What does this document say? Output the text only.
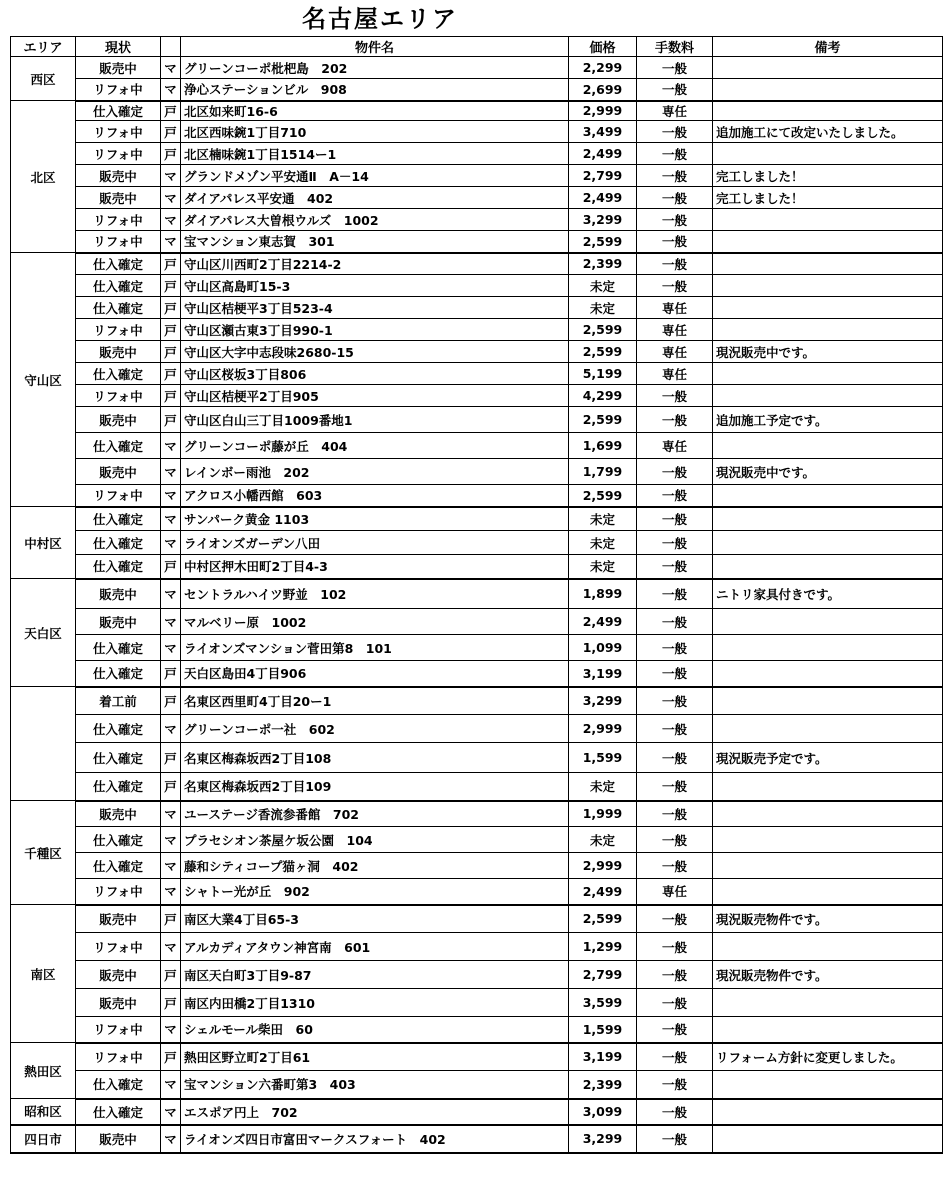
名古屋エリア
エリア	現状		物件名	価格	手数料	備考
西区	販売中	マ	グリーンコーポ枇杷島　202	2,299	一般	
	リフォ中	マ	浄心ステーションビル　908	2,699	一般	
北区	仕入確定	戸	北区如来町16-6	2,999	専任	
	リフォ中	戸	北区西味鋺1丁目710	3,499	一般	追加施工にて改定いたしました。
	リフォ中	戸	北区楠味鋺1丁目1514ー1	2,499	一般	
	販売中	マ	グランドメゾン平安通Ⅱ　A－14	2,799	一般	完工しました！
	販売中	マ	ダイアパレス平安通　402	2,499	一般	完工しました！
	リフォ中	マ	ダイアパレス大曽根ウルズ　1002	3,299	一般	
	リフォ中	マ	宝マンション東志賀　301	2,599	一般	
守山区	仕入確定	戸	守山区川西町2丁目2214-2	2,399	一般	
	仕入確定	戸	守山区高島町15-3	未定	一般	
	仕入確定	戸	守山区桔梗平3丁目523-4	未定	専任	
	リフォ中	戸	守山区瀬古東3丁目990-1	2,599	専任	
	販売中	戸	守山区大字中志段味2680-15	2,599	専任	現況販売中です。
	仕入確定	戸	守山区桜坂3丁目806	5,199	専任	
	リフォ中	戸	守山区桔梗平2丁目905	4,299	一般	
	販売中	戸	守山区白山三丁目1009番地1	2,599	一般	追加施工予定です。
	仕入確定	マ	グリーンコーポ藤が丘　404	1,699	専任	
	販売中	マ	レインボー雨池　202	1,799	一般	現況販売中です。
	リフォ中	マ	アクロス小幡西館　603	2,599	一般	
中村区	仕入確定	マ	サンパーク黄金 1103	未定	一般	
	仕入確定	マ	ライオンズガーデン八田	未定	一般	
	仕入確定	戸	中村区押木田町2丁目4-3	未定	一般	
天白区	販売中	マ	セントラルハイツ野並　102	1,899	一般	ニトリ家具付きです。
	販売中	マ	マルベリー原　1002	2,499	一般	
	仕入確定	マ	ライオンズマンション菅田第8　101	1,099	一般	
	仕入確定	戸	天白区島田4丁目906	3,199	一般	
	着工前	戸	名東区西里町4丁目20ー1	3,299	一般	
	仕入確定	マ	グリーンコーポ一社　602	2,999	一般	
	仕入確定	戸	名東区梅森坂西2丁目108	1,599	一般	現況販売予定です。
	仕入確定	戸	名東区梅森坂西2丁目109	未定	一般	
千種区	販売中	マ	ユーステージ香流参番館　702	1,999	一般	
	仕入確定	マ	プラセシオン茶屋ケ坂公園　104	未定	一般	
	仕入確定	マ	藤和シティコープ猫ヶ洞　402	2,999	一般	
	リフォ中	マ	シャトー光が丘　902	2,499	専任	
南区	販売中	戸	南区大業4丁目65-3	2,599	一般	現況販売物件です。
	リフォ中	マ	アルカディアタウン神宮南　601	1,299	一般	
	販売中	戸	南区天白町3丁目9-87	2,799	一般	現況販売物件です。
	販売中	戸	南区内田橋2丁目1310	3,599	一般	
	リフォ中	マ	シェルモール柴田　60	1,599	一般	
熱田区	リフォ中	戸	熱田区野立町2丁目61	3,199	一般	リフォーム方針に変更しました。
	仕入確定	マ	宝マンション六番町第3　403	2,399	一般	
昭和区	仕入確定	マ	エスポア円上　702	3,099	一般	
四日市	販売中	マ	ライオンズ四日市富田マークスフォート　402	3,299	一般	
